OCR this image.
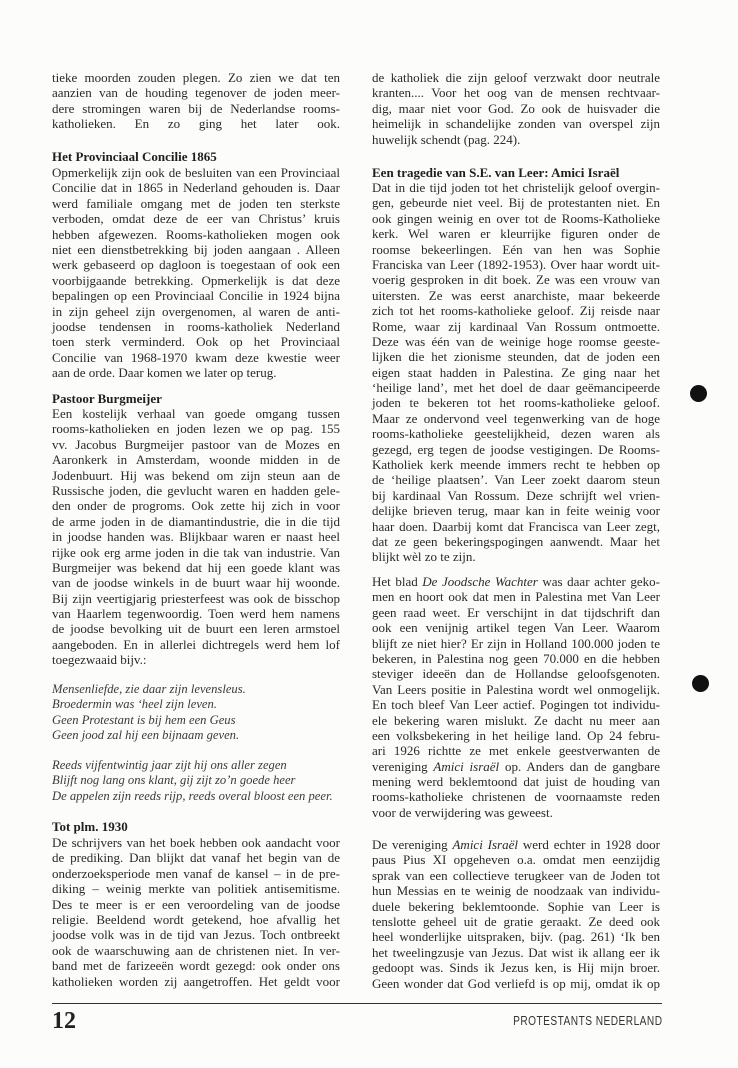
tieke moorden zouden plegen. Zo zien we dat ten
aanzien van de houding tegenover de joden meer-
dere stromingen waren bij de Nederlandse rooms-
katholieken. En zo ging het later ook.
Het Provinciaal Concilie 1865
Opmerkelijk zijn ook de besluiten van een Provinciaal
Concilie dat in 1865 in Nederland gehouden is. Daar
werd familiale omgang met de joden ten sterkste
verboden, omdat deze de eer van Christus’ kruis
hebben afgewezen. Rooms-katholieken mogen ook
niet een dienstbetrekking bij joden aangaan . Alleen
werk gebaseerd op dagloon is toegestaan of ook een
voorbijgaande betrekking. Opmerkelijk is dat deze
bepalingen op een Provinciaal Concilie in 1924 bijna
in zijn geheel zijn overgenomen, al waren de anti-
joodse tendensen in rooms-katholiek Nederland
toen sterk verminderd. Ook op het Provinciaal
Concilie van 1968-1970 kwam deze kwestie weer
aan de orde. Daar komen we later op terug.
Pastoor Burgmeijer
Een kostelijk verhaal van goede omgang tussen
rooms-katholieken en joden lezen we op pag. 155
vv. Jacobus Burgmeijer pastoor van de Mozes en
Aaronkerk in Amsterdam, woonde midden in de
Jodenbuurt. Hij was bekend om zijn steun aan de
Russische joden, die gevlucht waren en hadden gele-
den onder de progroms. Ook zette hij zich in voor
de arme joden in de diamantindustrie, die in die tijd
in joodse handen was. Blijkbaar waren er naast heel
rijke ook erg arme joden in die tak van industrie. Van
Burgmeijer was bekend dat hij een goede klant was
van de joodse winkels in de buurt waar hij woonde.
Bij zijn veertigjarig priesterfeest was ook de bisschop
van Haarlem tegenwoordig. Toen werd hem namens
de joodse bevolking uit de buurt een leren armstoel
aangeboden. En in allerlei dichtregels werd hem lof
toegezwaaid bijv.:
Mensenliefde, zie daar zijn levensleus.
Broedermin was ‘heel zijn leven.
Geen Protestant is bij hem een Geus
Geen jood zal hij een bijnaam geven.
Reeds vijfentwintig jaar zijt hij ons aller zegen
Blijft nog lang ons klant, gij zijt zo’n goede heer
De appelen zijn reeds rijp, reeds overal bloost een peer.
Tot plm. 1930
De schrijvers van het boek hebben ook aandacht voor
de prediking. Dan blijkt dat vanaf het begin van de
onderzoeksperiode men vanaf de kansel – in de pre-
diking – weinig merkte van politiek antisemitisme.
Des te meer is er een veroordeling van de joodse
religie. Beeldend wordt getekend, hoe afvallig het
joodse volk was in de tijd van Jezus. Toch ontbreekt
ook de waarschuwing aan de christenen niet. In ver-
band met de farizeeën wordt gezegd: ook onder ons
katholieken worden zij aangetroffen. Het geldt voor
de katholiek die zijn geloof verzwakt door neutrale
kranten.... Voor het oog van de mensen rechtvaar-
dig, maar niet voor God. Zo ook de huisvader die
heimelijk in schandelijke zonden van overspel zijn
huwelijk schendt (pag. 224).
Een tragedie van S.E. van Leer: Amici Israël
Dat in die tijd joden tot het christelijk geloof overgin-
gen, gebeurde niet veel. Bij de protestanten niet. En
ook gingen weinig en over tot de Rooms-Katholieke
kerk. Wel waren er kleurrijke figuren onder de
roomse bekeerlingen. Eén van hen was Sophie
Franciska van Leer (1892-1953). Over haar wordt uit-
voerig gesproken in dit boek. Ze was een vrouw van
uitersten. Ze was eerst anarchiste, maar bekeerde
zich tot het rooms-katholieke geloof. Zij reisde naar
Rome, waar zij kardinaal Van Rossum ontmoette.
Deze was één van de weinige hoge roomse geeste-
lijken die het zionisme steunden, dat de joden een
eigen staat hadden in Palestina. Ze ging naar het
‘heilige land’, met het doel de daar geëmancipeerde
joden te bekeren tot het rooms-katholieke geloof.
Maar ze ondervond veel tegenwerking van de hoge
rooms-katholieke geestelijkheid, dezen waren als
gezegd, erg tegen de joodse vestigingen. De Rooms-
Katholiek kerk meende immers recht te hebben op
de ‘heilige plaatsen’. Van Leer zoekt daarom steun
bij kardinaal Van Rossum. Deze schrijft wel vrien-
delijke brieven terug, maar kan in feite weinig voor
haar doen. Daarbij komt dat Francisca van Leer zegt,
dat ze geen bekeringspogingen aanwendt. Maar het
blijkt wèl zo te zijn.
Het blad De Joodsche Wachter was daar achter geko-
men en hoort ook dat men in Palestina met Van Leer
geen raad weet. Er verschijnt in dat tijdschrift dan
ook een venijnig artikel tegen Van Leer. Waarom
blijft ze niet hier? Er zijn in Holland 100.000 joden te
bekeren, in Palestina nog geen 70.000 en die hebben
steviger ideeën dan de Hollandse geloofsgenoten.
Van Leers positie in Palestina wordt wel onmogelijk.
En toch bleef Van Leer actief. Pogingen tot individu-
ele bekering waren mislukt. Ze dacht nu meer aan
een volksbekering in het heilige land. Op 24 febru-
ari 1926 richtte ze met enkele geestverwanten de
vereniging Amici israël op. Anders dan de gangbare
mening werd beklemtoond dat juist de houding van
rooms-katholieke christenen de voornaamste reden
voor de verwijdering was geweest.
De vereniging Amici Israël werd echter in 1928 door
paus Pius XI opgeheven o.a. omdat men eenzijdig
sprak van een collectieve terugkeer van de Joden tot
hun Messias en te weinig de noodzaak van individu-
duele bekering beklemtoonde. Sophie van Leer is
tenslotte geheel uit de gratie geraakt. Ze deed ook
heel wonderlijke uitspraken, bijv. (pag. 261) ‘Ik ben
het tweelingzusje van Jezus. Dat wist ik allang eer ik
gedoopt was. Sinds ik Jezus ken, is Hij mijn broer.
Geen wonder dat God verliefd is op mij, omdat ik op
12	PROTESTANTS NEDERLAND
